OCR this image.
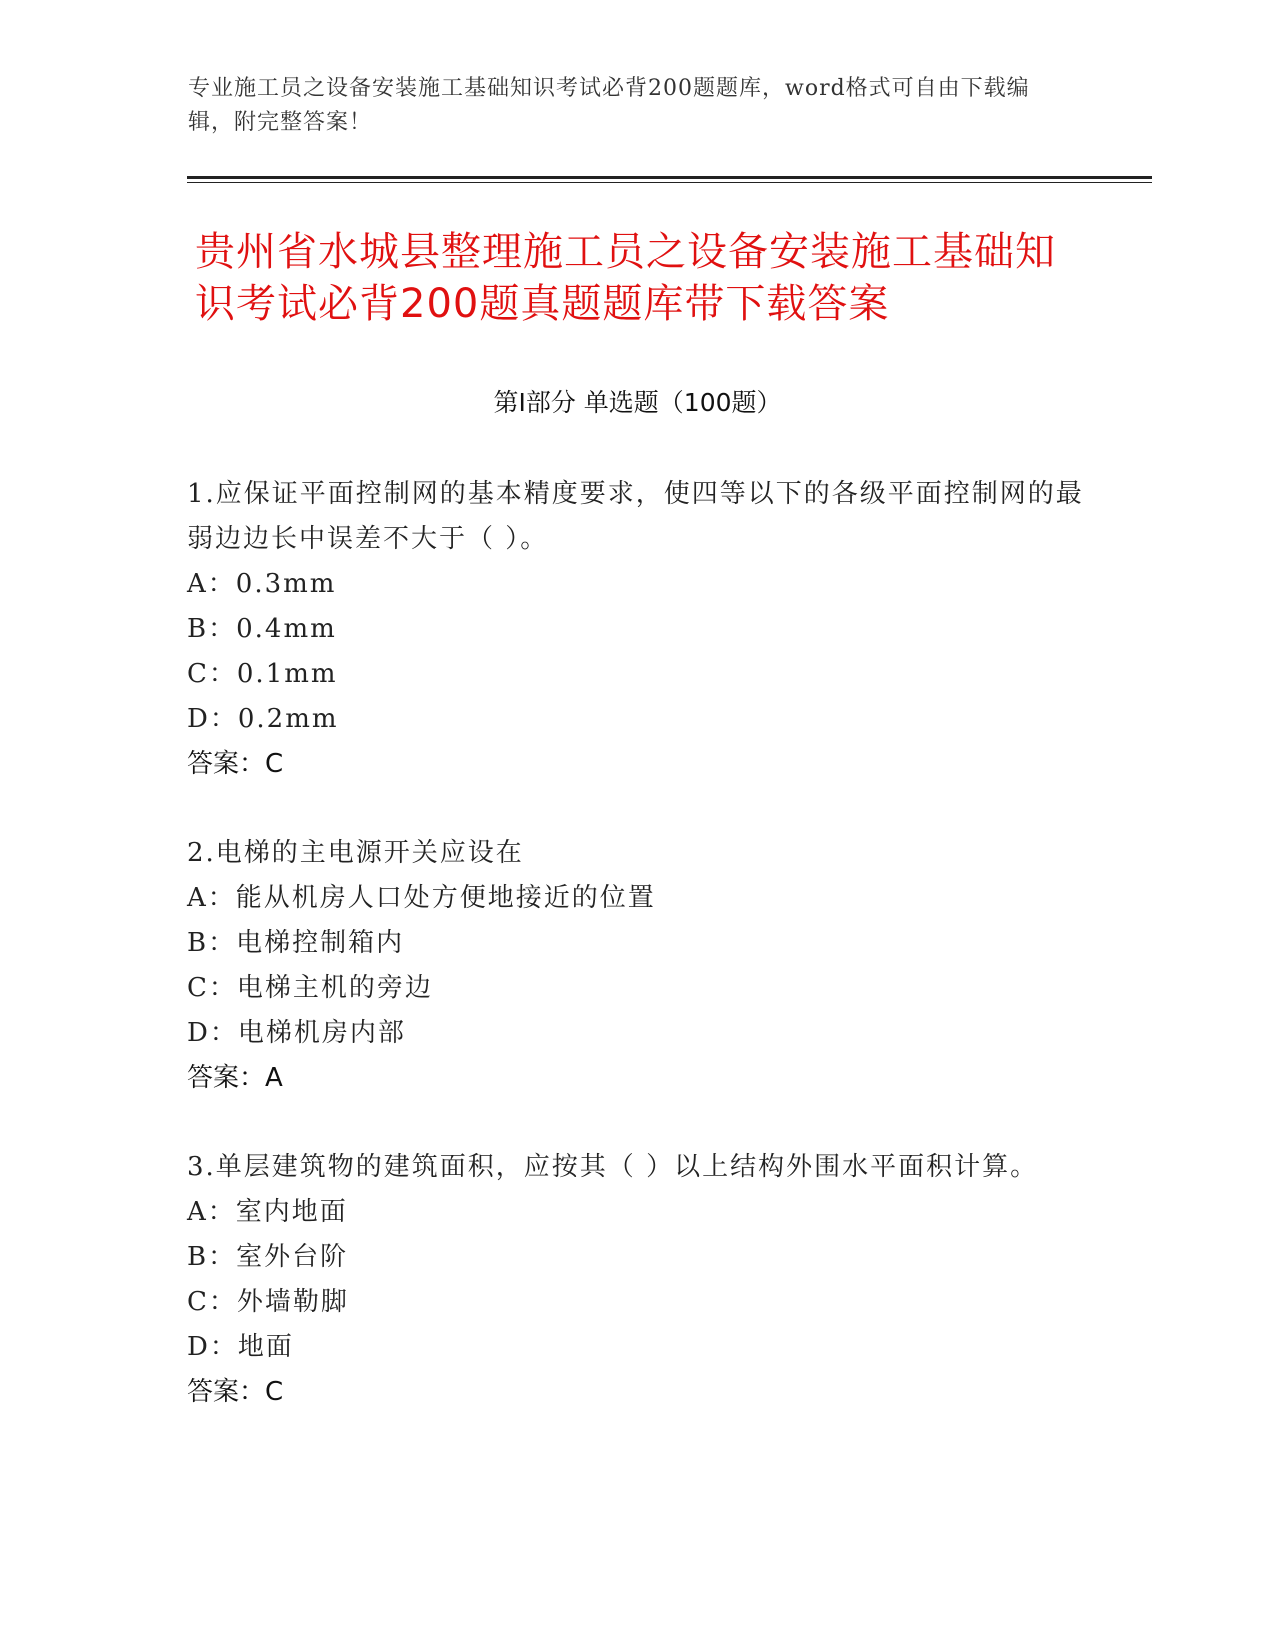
专业施工员之设备安装施工基础知识考试必背200题题库，word格式可自由下载编辑，附完整答案！
贵州省水城县整理施工员之设备安装施工基础知识考试必背200题真题题库带下载答案
第Ⅰ部分 单选题（100题）
1.应保证平面控制网的基本精度要求，使四等以下的各级平面控制网的最弱边边长中误差不大于（ ）。
A：0.3mm
B：0.4mm
C：0.1mm
D：0.2mm
答案：C
2.电梯的主电源开关应设在
A：能从机房人口处方便地接近的位置
B：电梯控制箱内
C：电梯主机的旁边
D：电梯机房内部
答案：A
3.单层建筑物的建筑面积，应按其（ ）以上结构外围水平面积计算。
A：室内地面
B：室外台阶
C：外墙勒脚
D：地面
答案：C
